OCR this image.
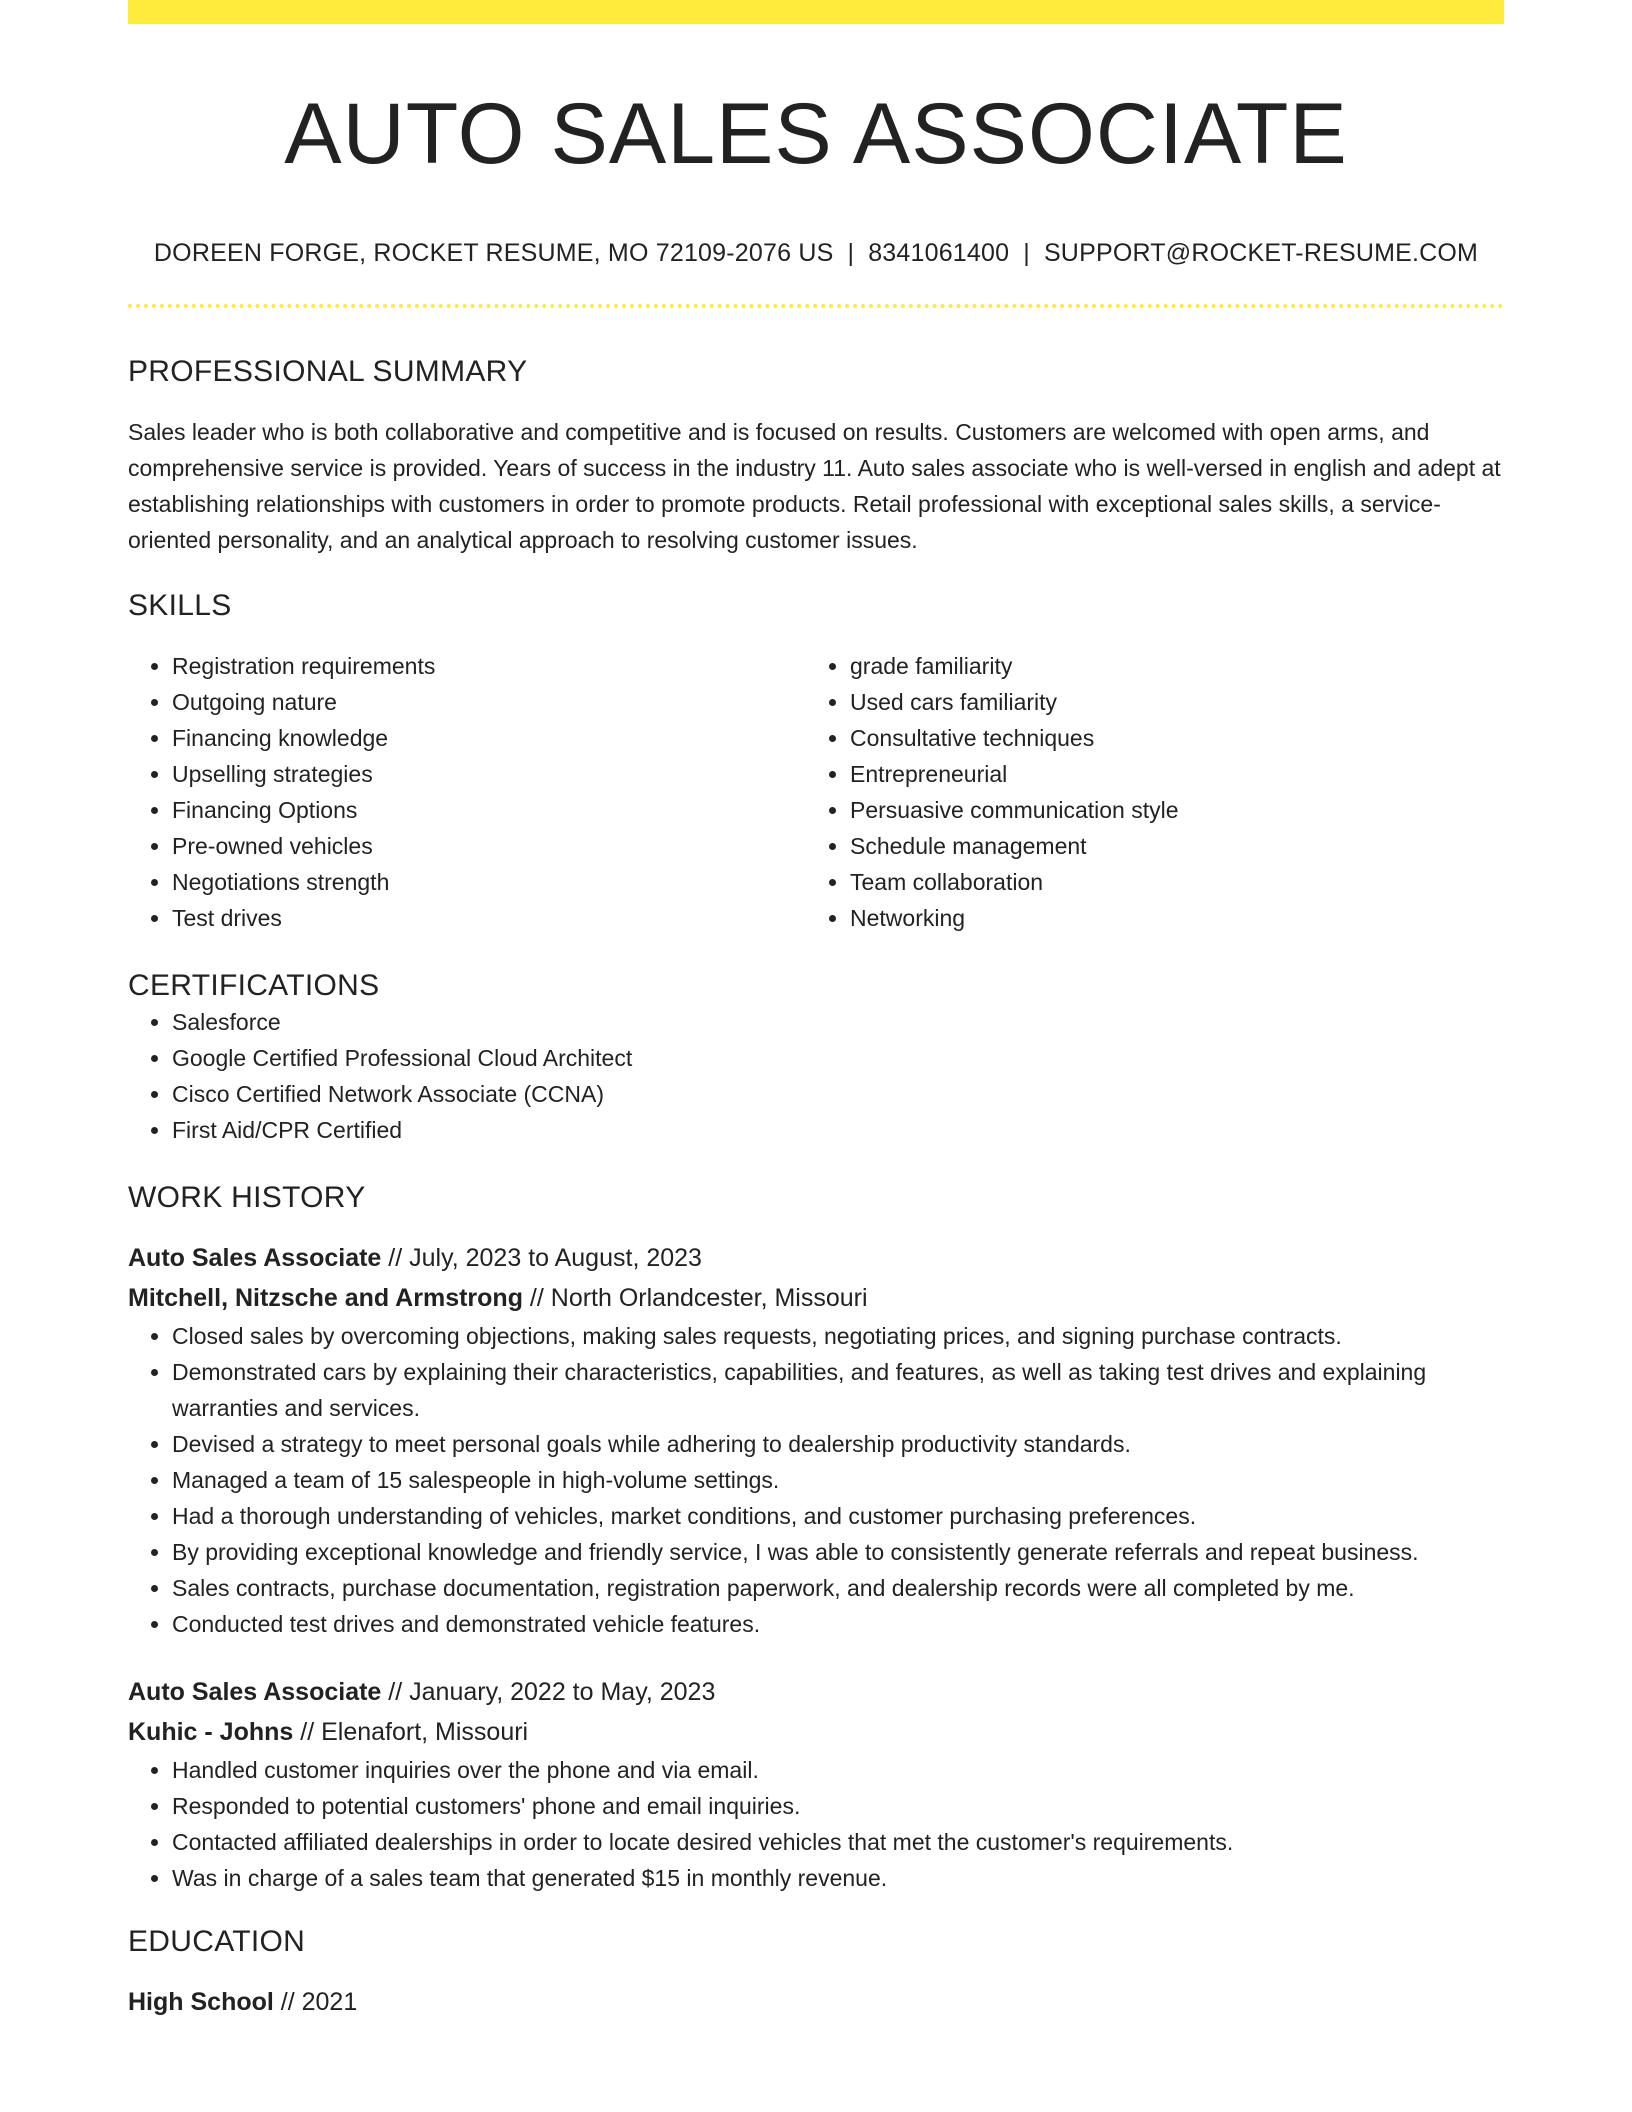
AUTO SALES ASSOCIATE
DOREEN FORGE, ROCKET RESUME, MO 72109-2076 US | 8341061400 | SUPPORT@ROCKET-RESUME.COM
PROFESSIONAL SUMMARY
Sales leader who is both collaborative and competitive and is focused on results. Customers are welcomed with open arms, and comprehensive service is provided. Years of success in the industry 11. Auto sales associate who is well-versed in english and adept at establishing relationships with customers in order to promote products. Retail professional with exceptional sales skills, a service-oriented personality, and an analytical approach to resolving customer issues.
SKILLS
• Registration requirements
• Outgoing nature
• Financing knowledge
• Upselling strategies
• Financing Options
• Pre-owned vehicles
• Negotiations strength
• Test drives
• grade familiarity
• Used cars familiarity
• Consultative techniques
• Entrepreneurial
• Persuasive communication style
• Schedule management
• Team collaboration
• Networking
CERTIFICATIONS
• Salesforce
• Google Certified Professional Cloud Architect
• Cisco Certified Network Associate (CCNA)
• First Aid/CPR Certified
WORK HISTORY
Auto Sales Associate // July, 2023 to August, 2023
Mitchell, Nitzsche and Armstrong // North Orlandcester, Missouri
• Closed sales by overcoming objections, making sales requests, negotiating prices, and signing purchase contracts.
• Demonstrated cars by explaining their characteristics, capabilities, and features, as well as taking test drives and explaining warranties and services.
• Devised a strategy to meet personal goals while adhering to dealership productivity standards.
• Managed a team of 15 salespeople in high-volume settings.
• Had a thorough understanding of vehicles, market conditions, and customer purchasing preferences.
• By providing exceptional knowledge and friendly service, I was able to consistently generate referrals and repeat business.
• Sales contracts, purchase documentation, registration paperwork, and dealership records were all completed by me.
• Conducted test drives and demonstrated vehicle features.
Auto Sales Associate // January, 2022 to May, 2023
Kuhic - Johns // Elenafort, Missouri
• Handled customer inquiries over the phone and via email.
• Responded to potential customers' phone and email inquiries.
• Contacted affiliated dealerships in order to locate desired vehicles that met the customer's requirements.
• Was in charge of a sales team that generated $15 in monthly revenue.
EDUCATION
High School // 2021
